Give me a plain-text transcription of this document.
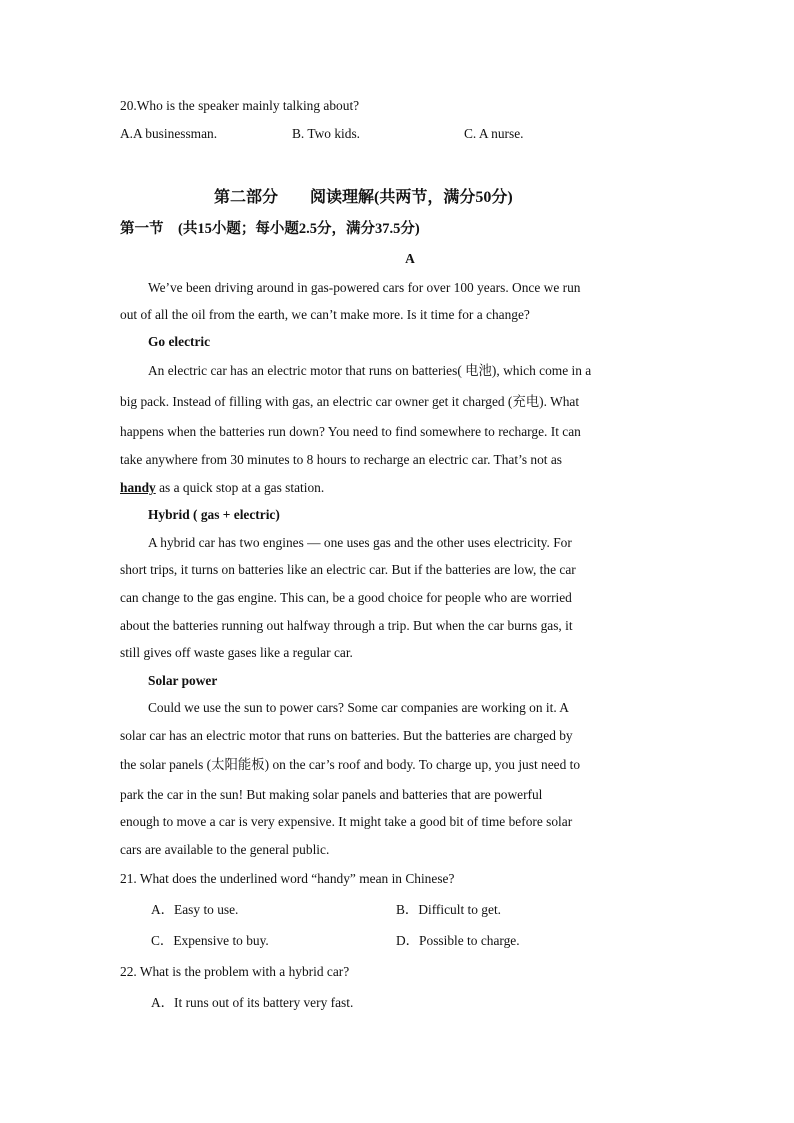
20.Who is the speaker mainly talking about?
A.A businessman.	B. Two kids.	C. A nurse.
第二部分　　阅读理解(共两节，满分50分)
第一节　(共15小题；每小题2.5分，满分37.5分)
A
We’ve been driving around in gas-powered cars for over 100 years. Once we run
out of all the oil from the earth, we can’t make more. Is it time for a change?
Go electric
An electric car has an electric motor that runs on batteries( 电池), which come in a
big pack. Instead of filling with gas, an electric car owner get it charged (充电). What
happens when the batteries run down? You need to find somewhere to recharge. It can
take anywhere from 30 minutes to 8 hours to recharge an electric car. That’s not as
handy as a quick stop at a gas station.
Hybrid ( gas + electric)
A hybrid car has two engines — one uses gas and the other uses electricity. For
short trips, it turns on batteries like an electric car. But if the batteries are low, the car
can change to the gas engine. This can, be a good choice for people who are worried
about the batteries running out halfway through a trip. But when the car burns gas, it
still gives off waste gases like a regular car.
Solar power
Could we use the sun to power cars? Some car companies are working on it. A
solar car has an electric motor that runs on batteries. But the batteries are charged by
the solar panels (太阳能板) on the car’s roof and body. To charge up, you just need to
park the car in the sun! But making solar panels and batteries that are powerful
enough to move a car is very expensive. It might take a good bit of time before solar
cars are available to the general public.
21. What does the underlined word “handy” mean in Chinese?
A．Easy to use.	B．Difficult to get.
C．Expensive to buy.	D．Possible to charge.
22. What is the problem with a hybrid car?
A．It runs out of its battery very fast.
